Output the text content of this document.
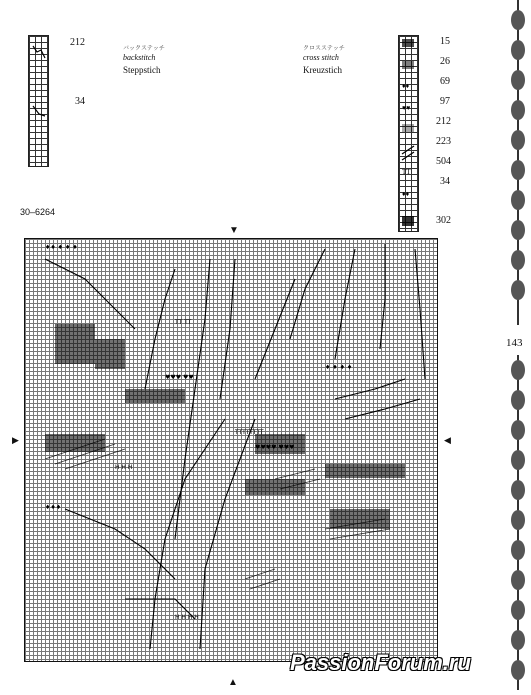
212
34
バックステッチ
backstitch
Steppstich
クロスステッチ
cross stitch
Kreuzstich
♦♦
♥♥
TT
♦♦
15
26
69
97
212
223
504
34
302
30–6264
▼
▲
▶	◀
♦♦ ♦ ♦ ♦
TT TT
♥♥♥ ♥♥
TTTTTTTT
♥♥♥♥ ♥♥♥
H H H
H H H H
♦ ♦ ♦ ♦
♦♦♦
143
PassionForum.ru
